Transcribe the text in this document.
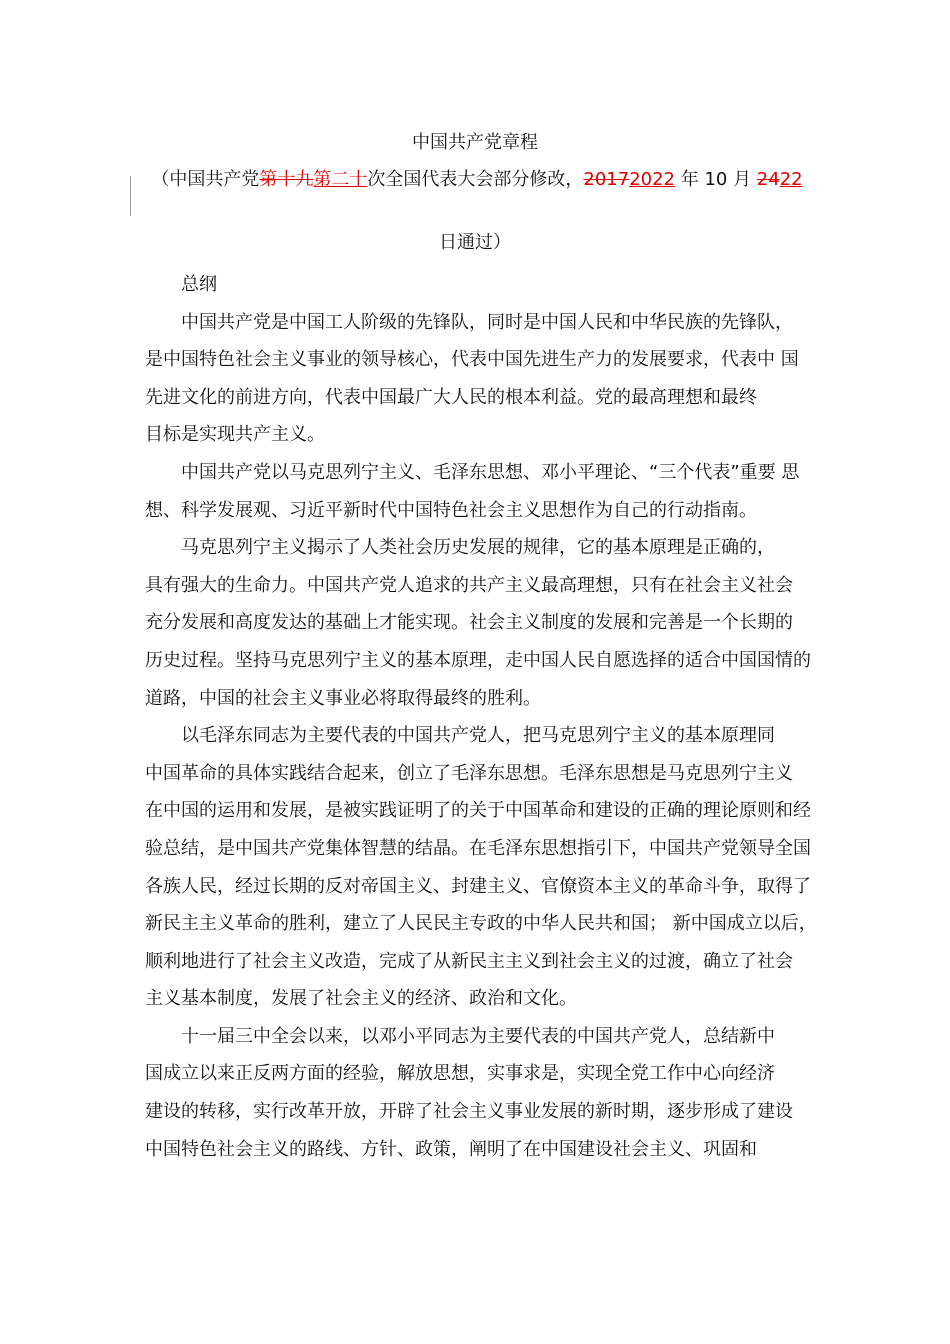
中国共产党章程
（中国共产党第十九第二十次全国代表大会部分修改，20172022 年 10 月 2422
日通过）

总纲

中国共产党是中国工人阶级的先锋队，同时是中国人民和中华民族的先锋队，

是中国特色社会主义事业的领导核心，代表中国先进生产力的发展要求，代表中 国

先进文化的前进方向，代表中国最广大人民的根本利益。党的最高理想和最终

目标是实现共产主义。

中国共产党以马克思列宁主义、毛泽东思想、邓小平理论、“三个代表”重要 思

想、科学发展观、习近平新时代中国特色社会主义思想作为自己的行动指南。

马克思列宁主义揭示了人类社会历史发展的规律，它的基本原理是正确的，

具有强大的生命力。中国共产党人追求的共产主义最高理想，只有在社会主义社会

充分发展和高度发达的基础上才能实现。社会主义制度的发展和完善是一个长期的

历史过程。坚持马克思列宁主义的基本原理，走中国人民自愿选择的适合中国国情的

道路，中国的社会主义事业必将取得最终的胜利。

以毛泽东同志为主要代表的中国共产党人，把马克思列宁主义的基本原理同

中国革命的具体实践结合起来，创立了毛泽东思想。毛泽东思想是马克思列宁主义

在中国的运用和发展，是被实践证明了的关于中国革命和建设的正确的理论原则和经

验总结，是中国共产党集体智慧的结晶。在毛泽东思想指引下，中国共产党领导全国

各族人民，经过长期的反对帝国主义、封建主义、官僚资本主义的革命斗争，取得了

新民主主义革命的胜利，建立了人民民主专政的中华人民共和国； 新中国成立以后，

顺利地进行了社会主义改造，完成了从新民主主义到社会主义的过渡，确立了社会

主义基本制度，发展了社会主义的经济、政治和文化。

十一届三中全会以来，以邓小平同志为主要代表的中国共产党人，总结新中

国成立以来正反两方面的经验，解放思想，实事求是，实现全党工作中心向经济

建设的转移，实行改革开放，开辟了社会主义事业发展的新时期，逐步形成了建设

中国特色社会主义的路线、方针、政策，阐明了在中国建设社会主义、巩固和
